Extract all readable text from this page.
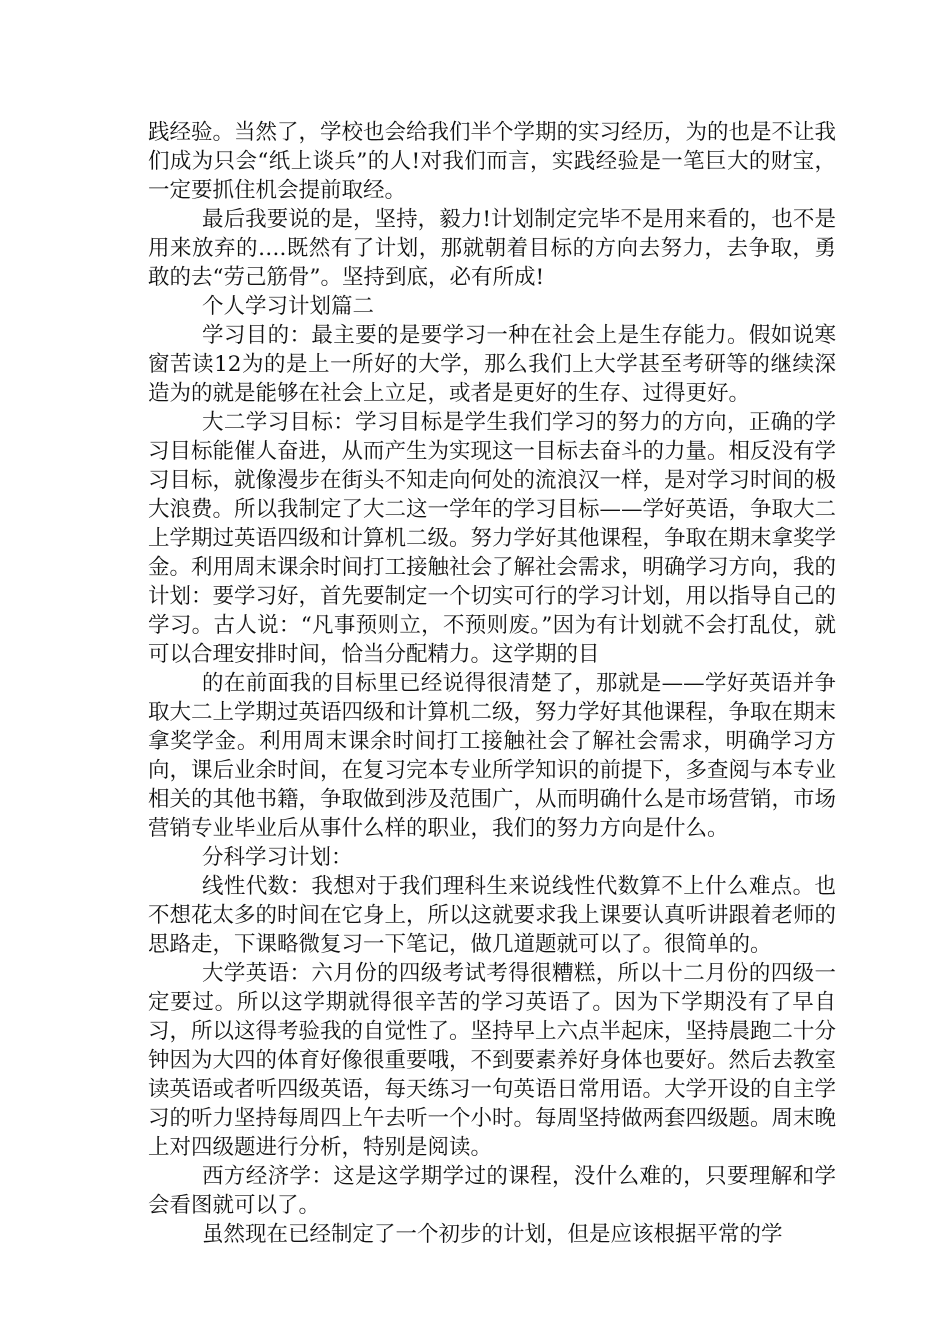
践经验。当然了，学校也会给我们半个学期的实习经历，为的也是不让我们成为只会“纸上谈兵”的人!对我们而言，实践经验是一笔巨大的财宝，一定要抓住机会提前取经。

最后我要说的是，坚持，毅力!计划制定完毕不是用来看的，也不是用来放弃的….既然有了计划，那就朝着目标的方向去努力，去争取，勇敢的去“劳己筋骨”。坚持到底，必有所成!

个人学习计划篇二

学习目的：最主要的是要学习一种在社会上是生存能力。假如说寒窗苦读12为的是上一所好的大学，那么我们上大学甚至考研等的继续深造为的就是能够在社会上立足，或者是更好的生存、过得更好。

大二学习目标：学习目标是学生我们学习的努力的方向，正确的学习目标能催人奋进，从而产生为实现这一目标去奋斗的力量。相反没有学习目标，就像漫步在街头不知走向何处的流浪汉一样，是对学习时间的极大浪费。所以我制定了大二这一学年的学习目标——学好英语，争取大二上学期过英语四级和计算机二级。努力学好其他课程，争取在期末拿奖学金。利用周末课余时间打工接触社会了解社会需求，明确学习方向，我的计划：要学习好，首先要制定一个切实可行的学习计划，用以指导自己的学习。古人说：“凡事预则立，不预则废。”因为有计划就不会打乱仗，就可以合理安排时间，恰当分配精力。这学期的目

的在前面我的目标里已经说得很清楚了，那就是——学好英语并争取大二上学期过英语四级和计算机二级，努力学好其他课程，争取在期末拿奖学金。利用周末课余时间打工接触社会了解社会需求，明确学习方向，课后业余时间，在复习完本专业所学知识的前提下，多查阅与本专业相关的其他书籍，争取做到涉及范围广，从而明确什么是市场营销，市场营销专业毕业后从事什么样的职业，我们的努力方向是什么。

分科学习计划：

线性代数：我想对于我们理科生来说线性代数算不上什么难点。也不想花太多的时间在它身上，所以这就要求我上课要认真听讲跟着老师的思路走，下课略微复习一下笔记，做几道题就可以了。很简单的。

大学英语：六月份的四级考试考得很糟糕，所以十二月份的四级一定要过。所以这学期就得很辛苦的学习英语了。因为下学期没有了早自习，所以这得考验我的自觉性了。坚持早上六点半起床，坚持晨跑二十分钟因为大四的体育好像很重要哦，不到要素养好身体也要好。然后去教室读英语或者听四级英语，每天练习一句英语日常用语。大学开设的自主学习的听力坚持每周四上午去听一个小时。每周坚持做两套四级题。周末晚上对四级题进行分析，特别是阅读。

西方经济学：这是这学期学过的课程，没什么难的，只要理解和学会看图就可以了。

虽然现在已经制定了一个初步的计划，但是应该根据平常的学
